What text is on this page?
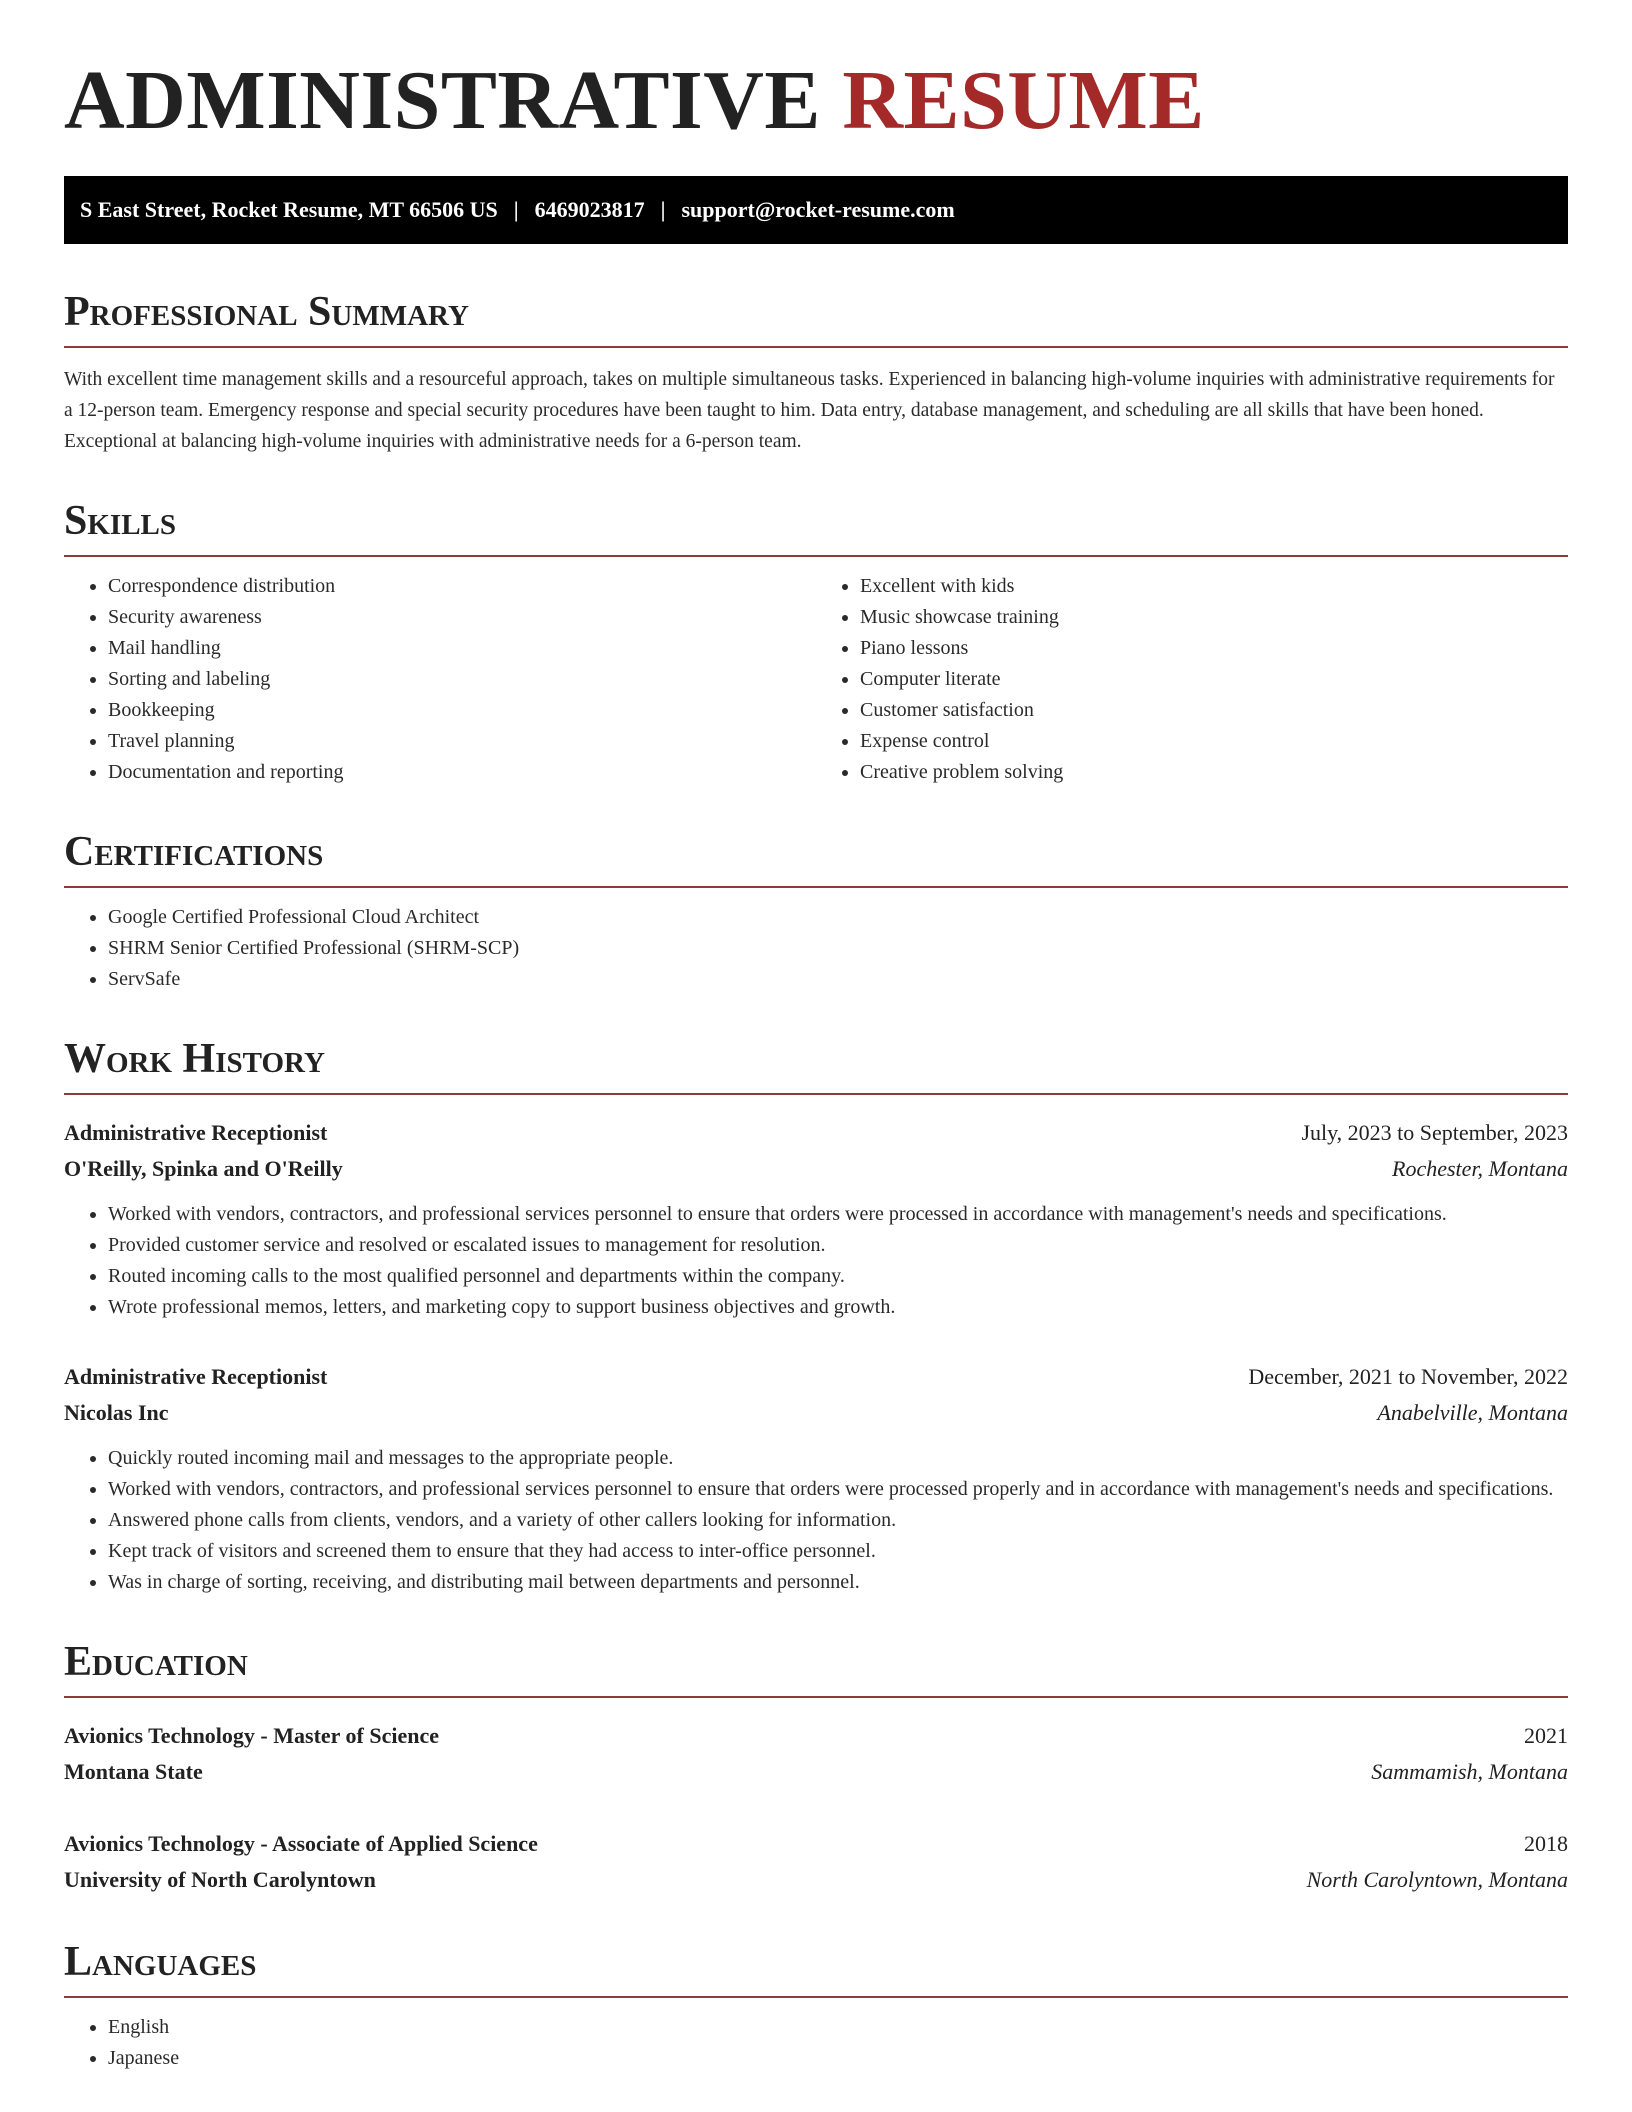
ADMINISTRATIVE RESUME
S East Street, Rocket Resume, MT 66506 US | 6469023817 | support@rocket-resume.com
Professional Summary

With excellent time management skills and a resourceful approach, takes on multiple simultaneous tasks. Experienced in balancing high-volume inquiries with administrative requirements for a 12-person team. Emergency response and special security procedures have been taught to him. Data entry, database management, and scheduling are all skills that have been honed. Exceptional at balancing high-volume inquiries with administrative needs for a 6-person team.

Skills
• Correspondence distribution
• Security awareness
• Mail handling
• Sorting and labeling
• Bookkeeping
• Travel planning
• Documentation and reporting
• Excellent with kids
• Music showcase training
• Piano lessons
• Computer literate
• Customer satisfaction
• Expense control
• Creative problem solving
Certifications
• Google Certified Professional Cloud Architect
• SHRM Senior Certified Professional (SHRM-SCP)
• ServSafe
Work History
Administrative Receptionist	July, 2023 to September, 2023
O'Reilly, Spinka and O'Reilly	Rochester, Montana
• Worked with vendors, contractors, and professional services personnel to ensure that orders were processed in accordance with management's needs and specifications.
• Provided customer service and resolved or escalated issues to management for resolution.
• Routed incoming calls to the most qualified personnel and departments within the company.
• Wrote professional memos, letters, and marketing copy to support business objectives and growth.
Administrative Receptionist	December, 2021 to November, 2022
Nicolas Inc	Anabelville, Montana
• Quickly routed incoming mail and messages to the appropriate people.
• Worked with vendors, contractors, and professional services personnel to ensure that orders were processed properly and in accordance with management's needs and specifications.
• Answered phone calls from clients, vendors, and a variety of other callers looking for information.
• Kept track of visitors and screened them to ensure that they had access to inter-office personnel.
• Was in charge of sorting, receiving, and distributing mail between departments and personnel.
Education
Avionics Technology - Master of Science	2021
Montana State	Sammamish, Montana
Avionics Technology - Associate of Applied Science	2018
University of North Carolyntown	North Carolyntown, Montana
Languages
• English
• Japanese
